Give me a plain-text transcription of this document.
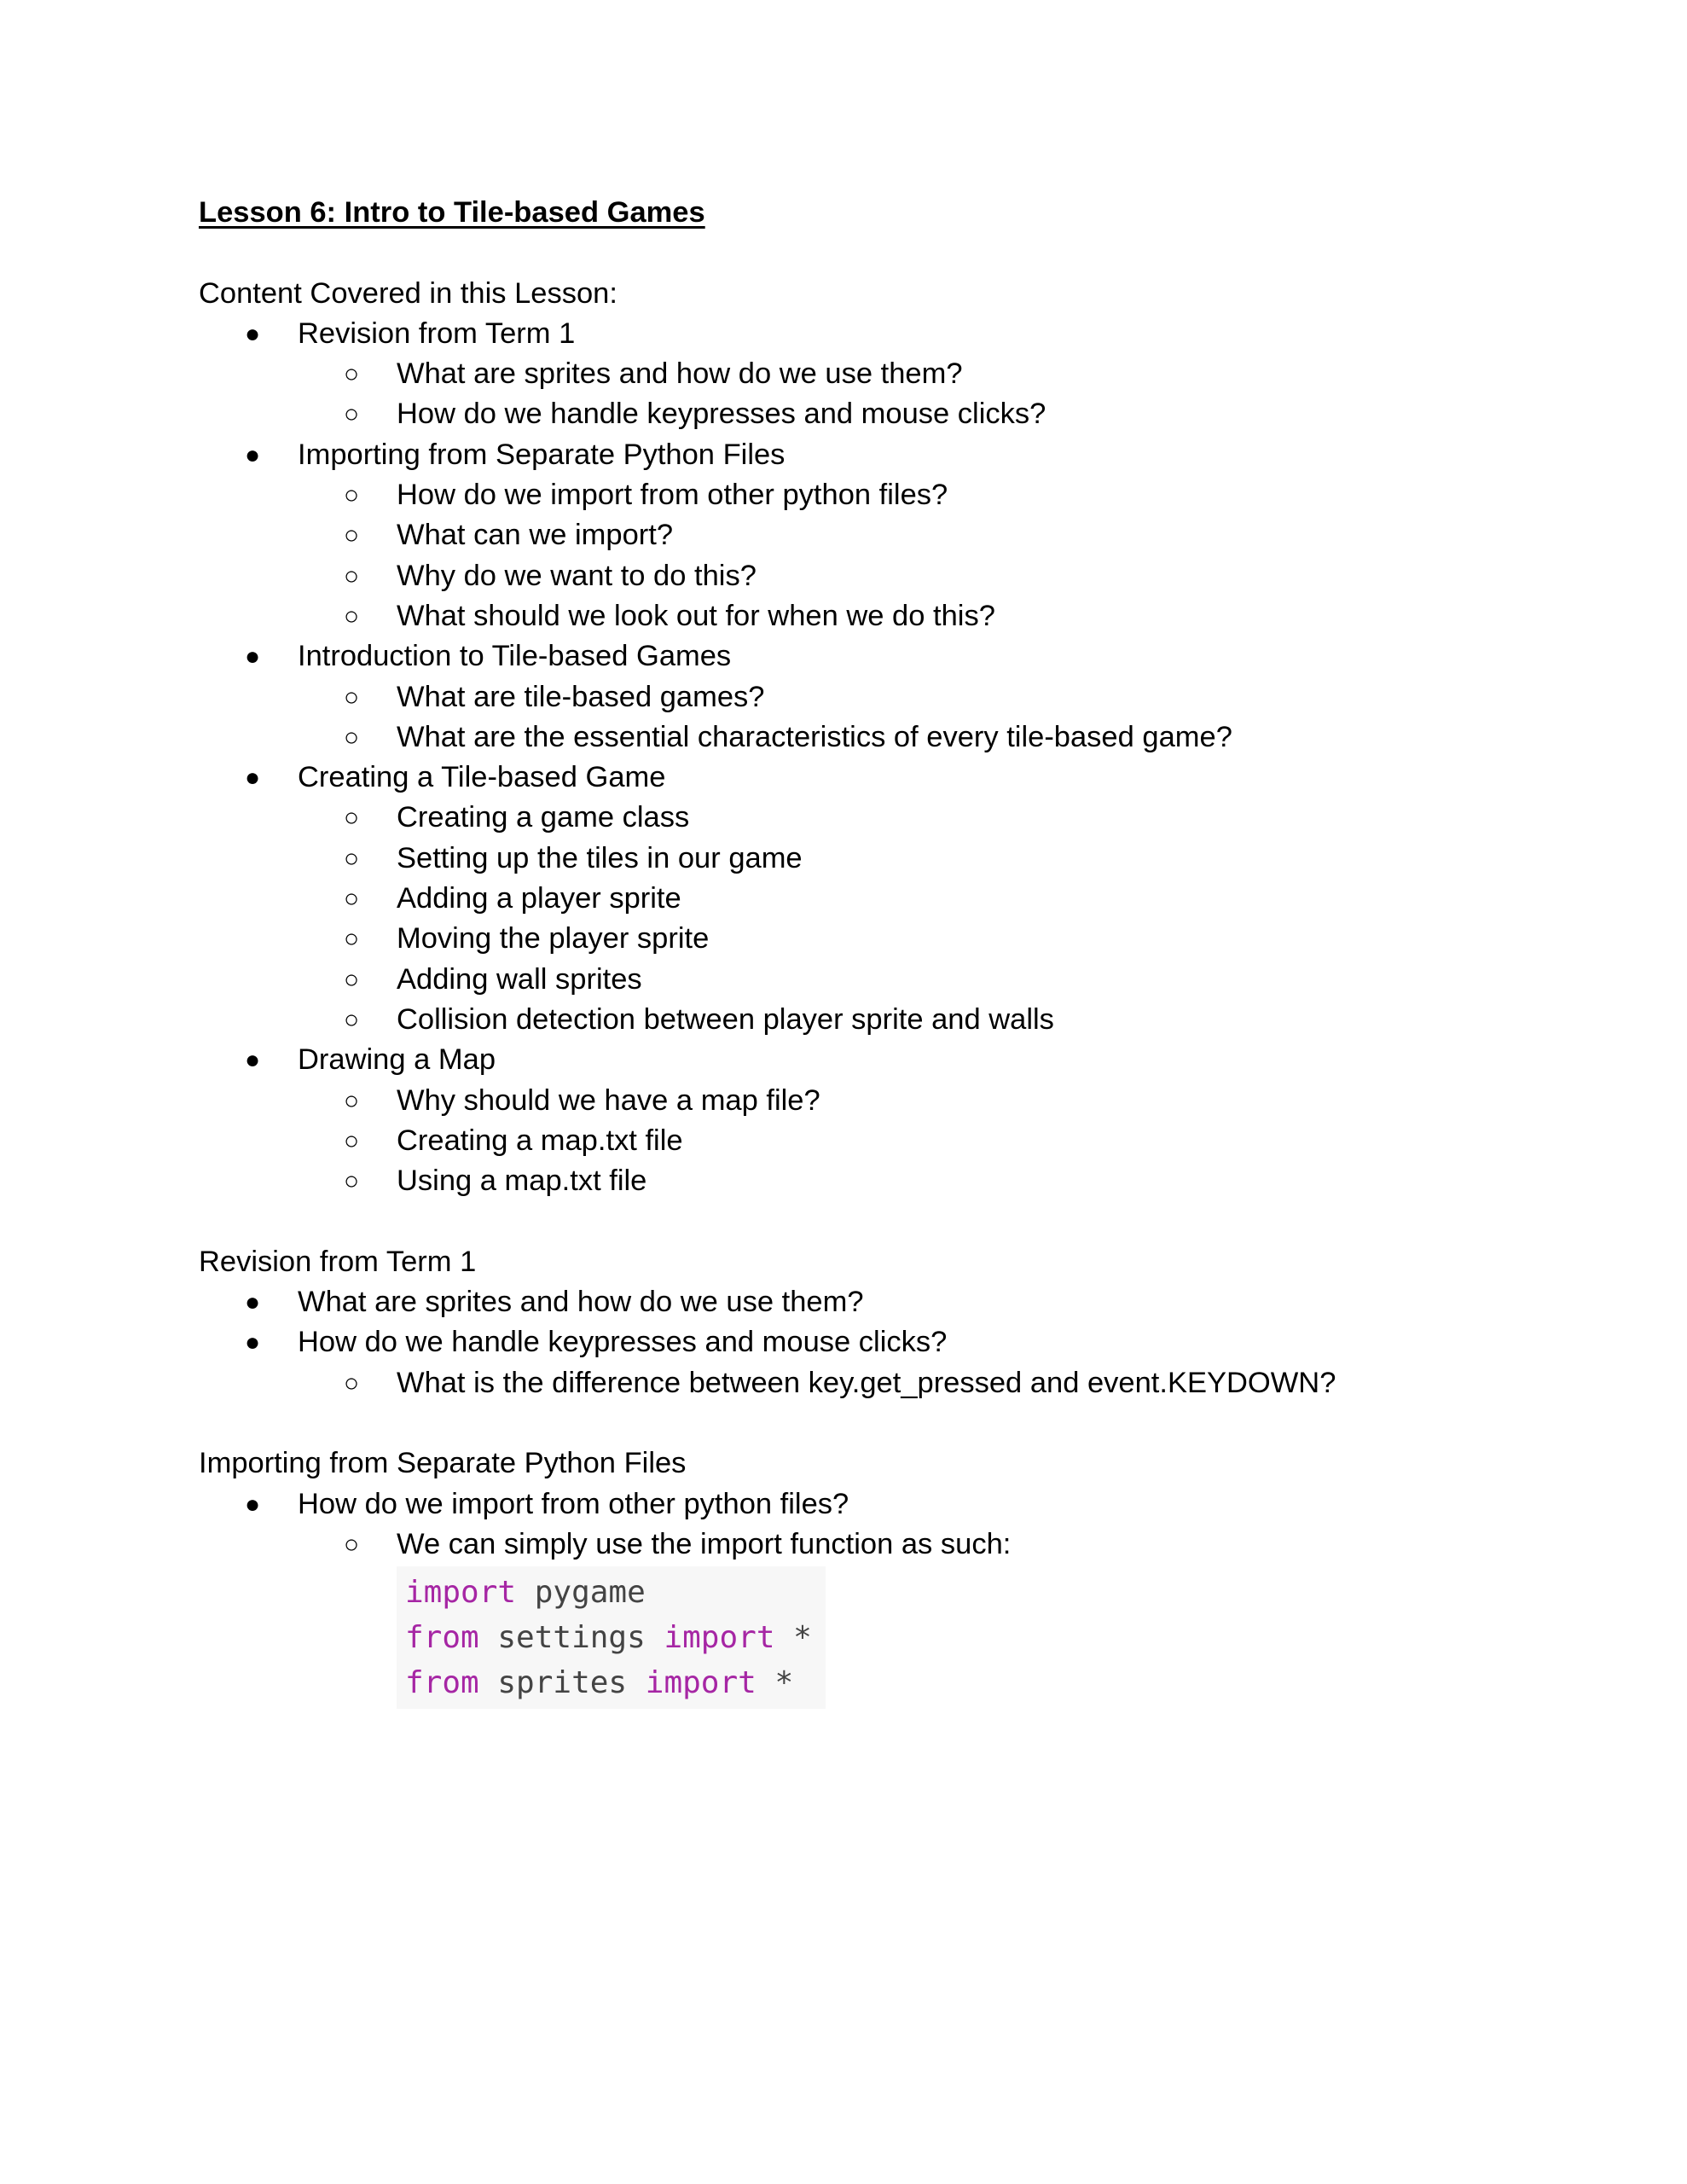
Lesson 6: Intro to Tile-based Games
Content Covered in this Lesson:
● Revision from Term 1
○ What are sprites and how do we use them?
○ How do we handle keypresses and mouse clicks?
● Importing from Separate Python Files
○ How do we import from other python files?
○ What can we import?
○ Why do we want to do this?
○ What should we look out for when we do this?
● Introduction to Tile-based Games
○ What are tile-based games?
○ What are the essential characteristics of every tile-based game?
● Creating a Tile-based Game
○ Creating a game class
○ Setting up the tiles in our game
○ Adding a player sprite
○ Moving the player sprite
○ Adding wall sprites
○ Collision detection between player sprite and walls
● Drawing a Map
○ Why should we have a map file?
○ Creating a map.txt file
○ Using a map.txt file
Revision from Term 1
● What are sprites and how do we use them?
● How do we handle keypresses and mouse clicks?
○ What is the difference between key.get_pressed and event.KEYDOWN?
Importing from Separate Python Files
● How do we import from other python files?
○ We can simply use the import function as such:
import pygame
from settings import *
from sprites import *
